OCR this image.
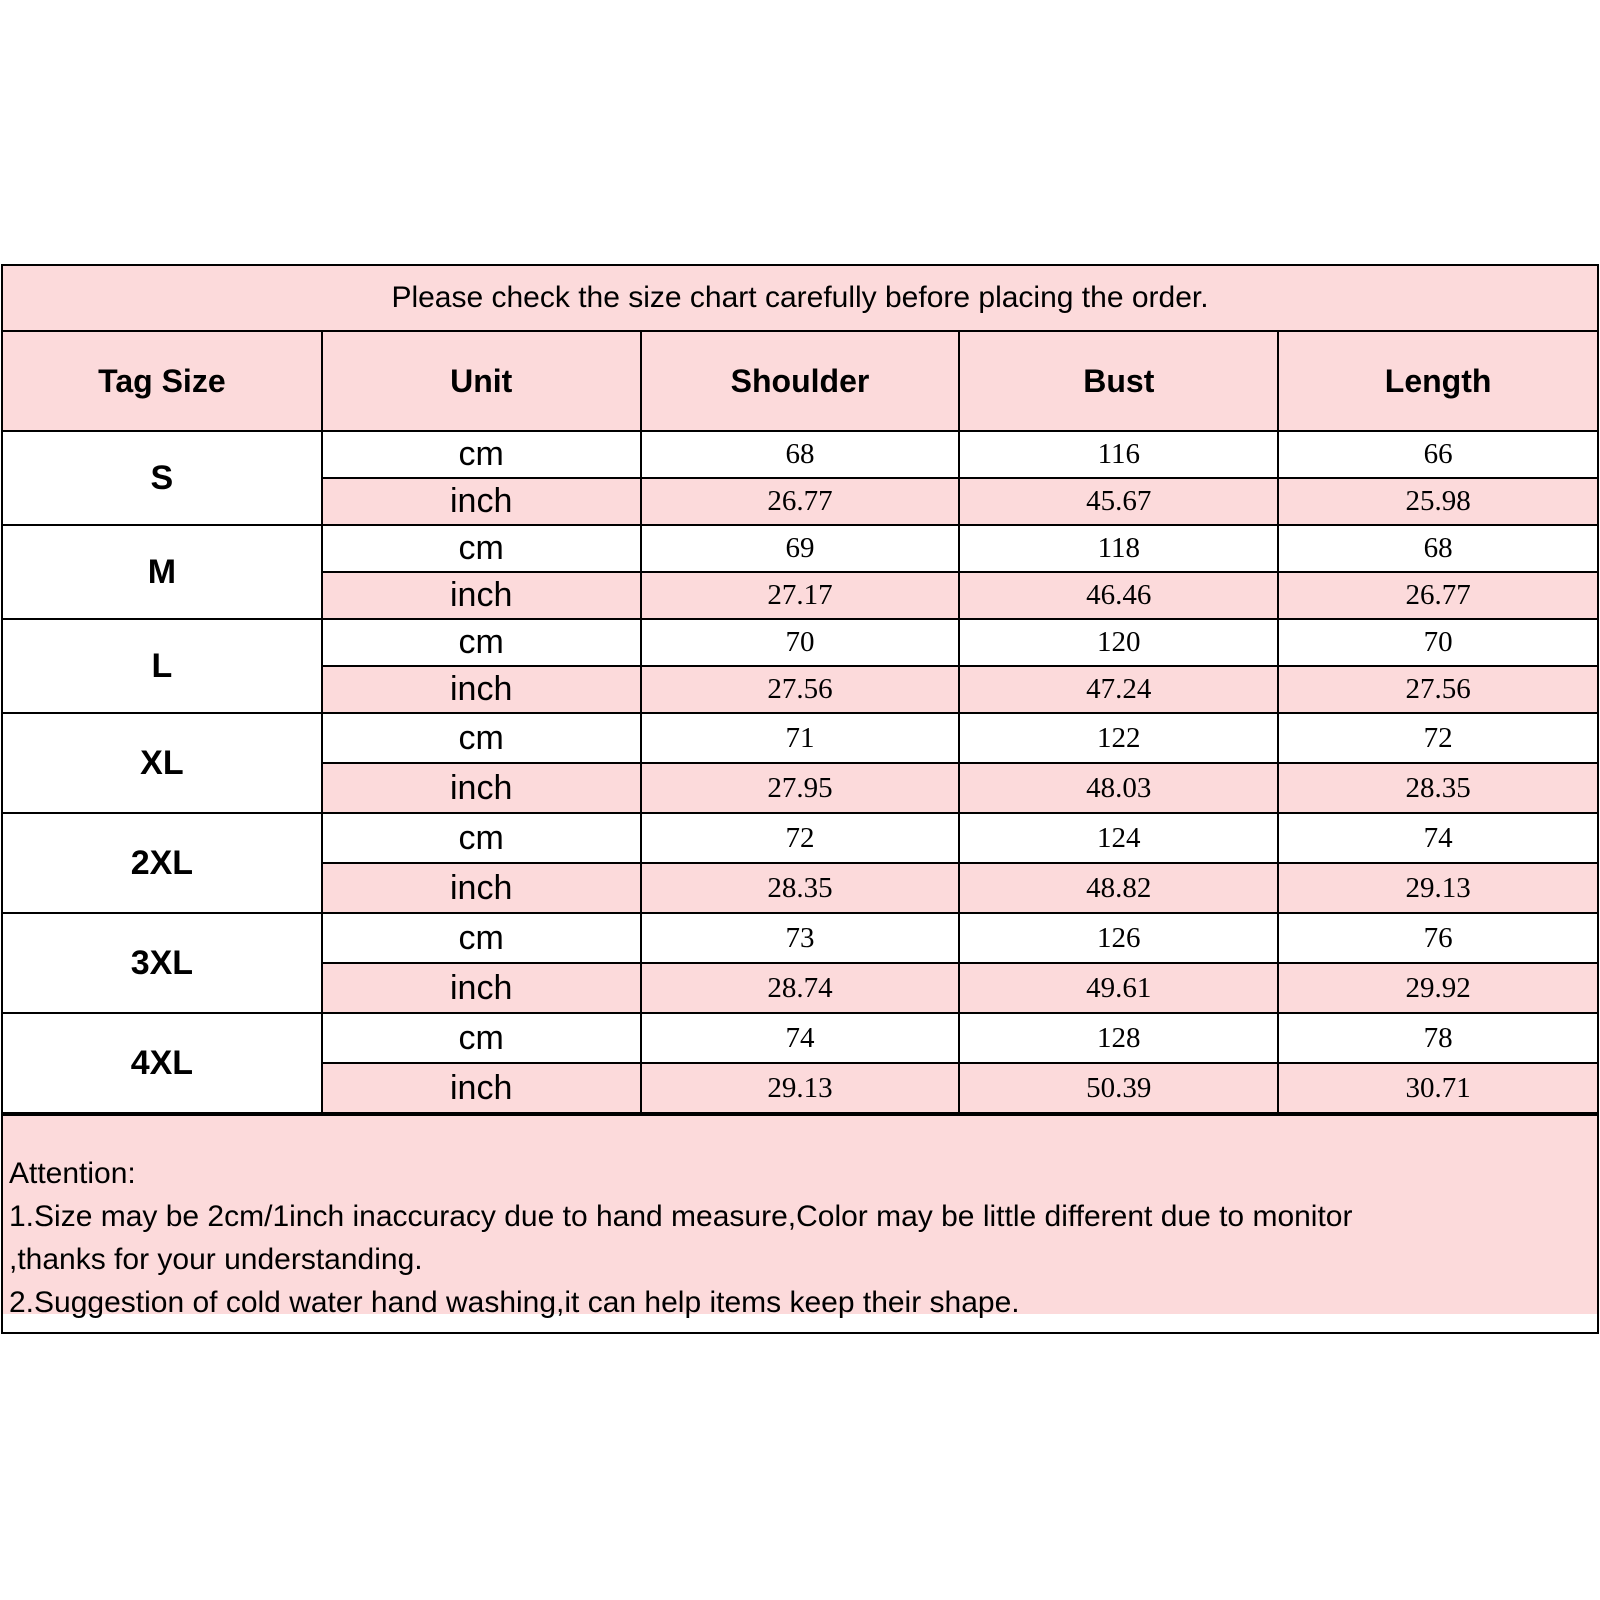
Please check the size chart carefully before placing the order.				
Tag Size	Unit	Shoulder	Bust	Length
S	cm	68	116	66
	inch	26.77	45.67	25.98
M	cm	69	118	68
	inch	27.17	46.46	26.77
L	cm	70	120	70
	inch	27.56	47.24	27.56
XL	cm	71	122	72
	inch	27.95	48.03	28.35
2XL	cm	72	124	74
	inch	28.35	48.82	29.13
3XL	cm	73	126	76
	inch	28.74	49.61	29.92
4XL	cm	74	128	78
	inch	29.13	50.39	30.71
Attention:
1.Size may be 2cm/1inch inaccuracy due to hand measure,Color may be little different due to monitor
,thanks for your understanding.
2.Suggestion of cold water hand washing,it can help items keep their shape.
